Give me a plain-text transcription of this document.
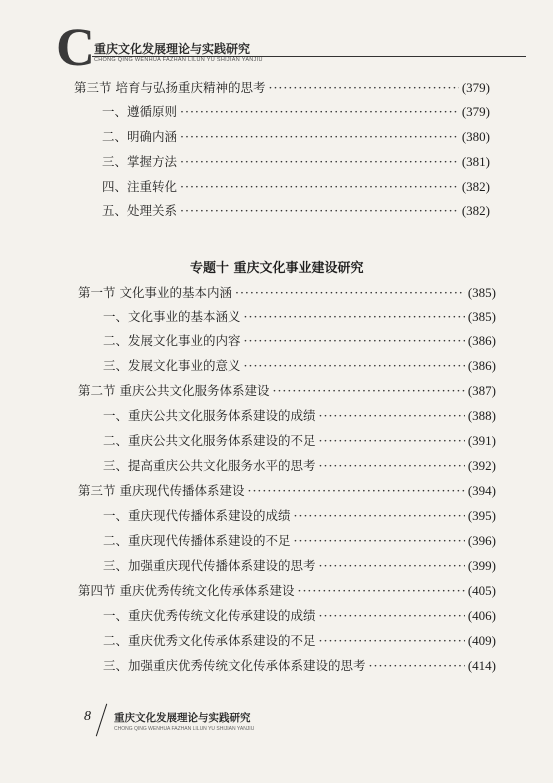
C 重庆文化发展理论与实践研究
CHONG QING WENHUA FAZHAN LILUN YU SHIJIAN YANJIU
第三节 培育与弘扬重庆精神的思考 ·····	(379)
一、遵循原则 ·····	(379)
二、明确内涵 ·····	(380)
三、掌握方法 ·····	(381)
四、注重转化 ·····	(382)
五、处理关系 ·····	(382)
专题十 重庆文化事业建设研究
第一节 文化事业的基本内涵 ·····	(385)
一、文化事业的基本涵义 ·····	(385)
二、发展文化事业的内容 ·····	(386)
三、发展文化事业的意义 ·····	(386)
第二节 重庆公共文化服务体系建设 ·····	(387)
一、重庆公共文化服务体系建设的成绩 ·····	(388)
二、重庆公共文化服务体系建设的不足 ·····	(391)
三、提高重庆公共文化服务水平的思考 ·····	(392)
第三节 重庆现代传播体系建设 ·····	(394)
一、重庆现代传播体系建设的成绩 ·····	(395)
二、重庆现代传播体系建设的不足 ·····	(396)
三、加强重庆现代传播体系建设的思考 ·····	(399)
第四节 重庆优秀传统文化传承体系建设 ·····	(405)
一、重庆优秀传统文化传承建设的成绩 ·····	(406)
二、重庆优秀文化传承体系建设的不足 ·····	(409)
三、加强重庆优秀传统文化传承体系建设的思考 ·····	(414)
8 重庆文化发展理论与实践研究
CHONG QING WENHUA FAZHAN LILUN YU SHIJIAN YANJIU
